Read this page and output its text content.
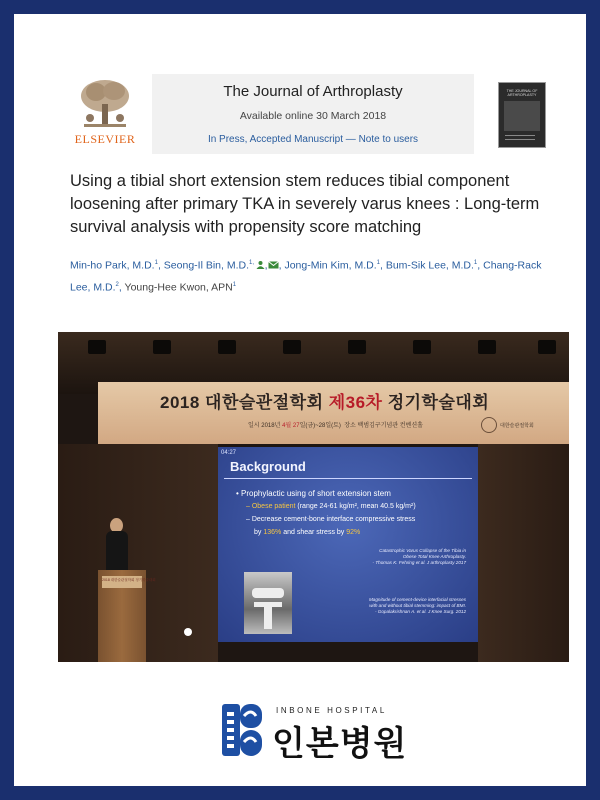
ELSEVIER
The Journal of Arthroplasty
Available online 30 March 2018
In Press, Accepted Manuscript — Note to users
THE JOURNAL OF ARTHROPLASTY
Using a tibial short extension stem reduces tibial component loosening after primary TKA in severely varus knees : Long-term survival analysis with propensity score matching
Min-ho Park, M.D.$^1$, Seong-Il Bin, M.D.$^{1,}$ , , Jong-Min Kim, M.D.$^1$, Bum-Sik Lee, M.D.$^1$, Chang-Rack Lee, M.D.$^2$, Young-Hee Kwon, APN$^1$
2018 대한슬관절학회 제36차 정기학술대회
일시 2018년 4월 27일(금)~28일(토) 장소 백범김구기념관 컨벤션홀	대한슬관절학회
04:27
Background
• Prophylactic using of short extension stem
– Obese patient (range 24-61 kg/m², mean 40.5 kg/m²)
– Decrease cement-bone interface compressive stress
by 136% and shear stress by 92%
Catastrophic Varus Collapse of the Tibia in
Obese Total Knee Arthroplasty.
- Thomas K. Fehring et al. J arthroplasty 2017
Magnitude of cement-device interfacial stresses
with and without tibial stemming: impact of BMI.
- Gopalakrishnan A. et al. J Knee Surg. 2012
2018 대한슬관절학회 정기학술대회
INBONE HOSPITAL
인본병원
